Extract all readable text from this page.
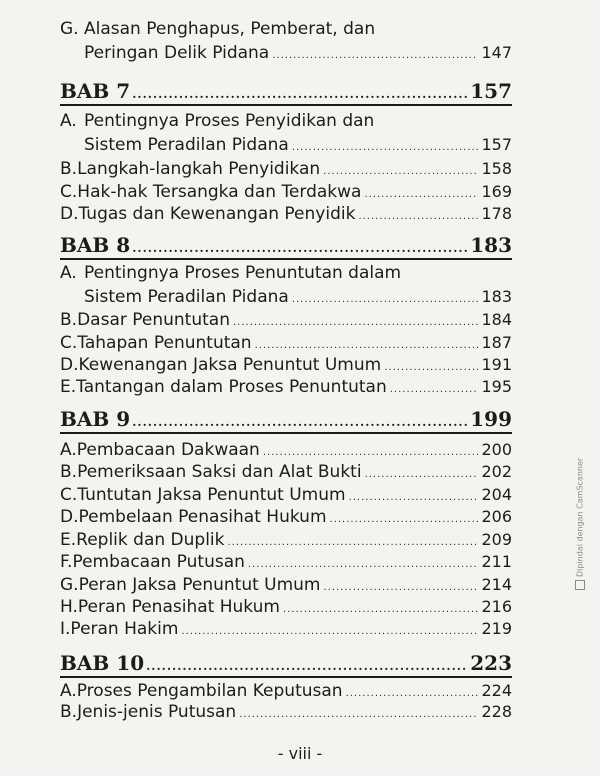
G. Alasan Penghapus, Pemberat, dan
Peringan Delik Pidana .....	147
BAB 7 .....	157
A. Pentingnya Proses Penyidikan dan
Sistem Peradilan Pidana .....	157
B. Langkah-langkah Penyidikan .....	158
C. Hak-hak Tersangka dan Terdakwa .....	169
D. Tugas dan Kewenangan Penyidik .....	178
BAB 8 .....	183
A. Pentingnya Proses Penuntutan dalam
Sistem Peradilan Pidana .....	183
B. Dasar Penuntutan .....	184
C. Tahapan Penuntutan .....	187
D. Kewenangan Jaksa Penuntut Umum .....	191
E. Tantangan dalam Proses Penuntutan .....	195
BAB 9 .....	199
A. Pembacaan Dakwaan .....	200
B. Pemeriksaan Saksi dan Alat Bukti .....	202
C. Tuntutan Jaksa Penuntut Umum .....	204
D. Pembelaan Penasihat Hukum .....	206
E. Replik dan Duplik .....	209
F. Pembacaan Putusan .....	211
G. Peran Jaksa Penuntut Umum .....	214
H. Peran Penasihat Hukum .....	216
I. Peran Hakim .....	219
BAB 10 .....	223
A. Proses Pengambilan Keputusan .....	224
B. Jenis-jenis Putusan .....	228
- viii -
Dipindai dengan CamScanner
